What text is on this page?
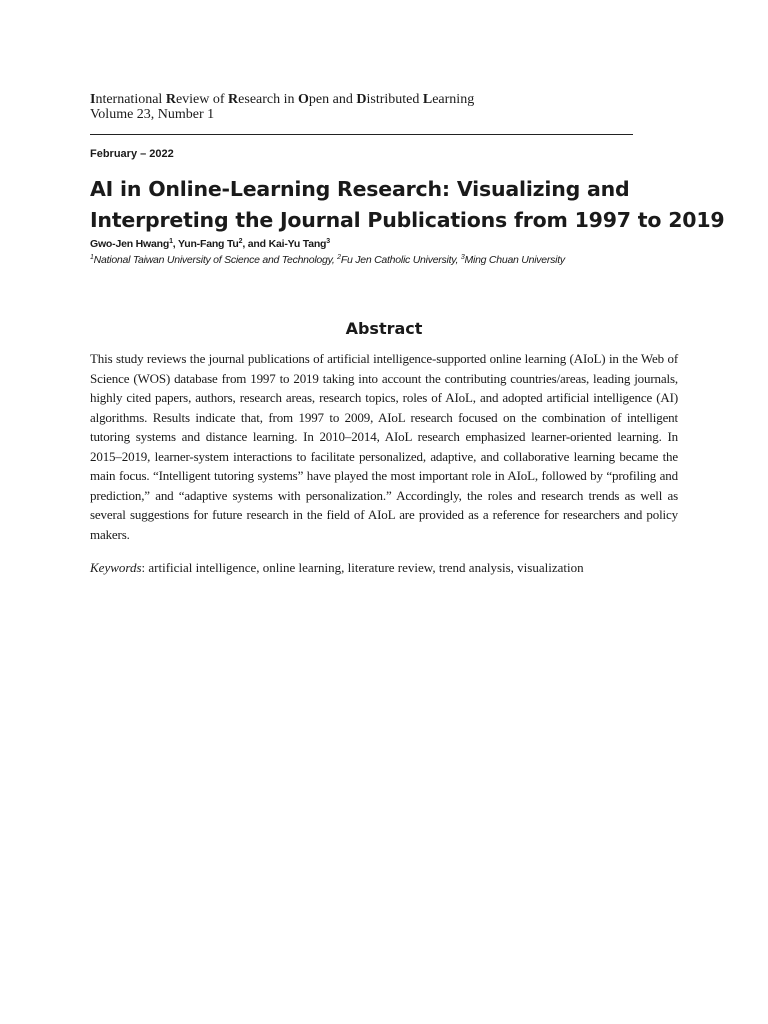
International Review of Research in Open and Distributed Learning
Volume 23, Number 1
February – 2022
AI in Online-Learning Research: Visualizing and
Interpreting the Journal Publications from 1997 to 2019
Gwo-Jen Hwang$^1$, Yun-Fang Tu$^2$, and Kai-Yu Tang$^3$
$^1$National Taiwan University of Science and Technology, $^2$Fu Jen Catholic University, $^3$Ming Chuan University
Abstract
This study reviews the journal publications of artificial intelligence-supported online learning (AIoL) in the Web of Science (WOS) database from 1997 to 2019 taking into account the contributing countries/areas, leading journals, highly cited papers, authors, research areas, research topics, roles of AIoL, and adopted artificial intelligence (AI) algorithms. Results indicate that, from 1997 to 2009, AIoL research focused on the combination of intelligent tutoring systems and distance learning. In 2010–2014, AIoL research emphasized learner-oriented learning. In 2015–2019, learner-system interactions to facilitate personalized, adaptive, and collaborative learning became the main focus. “Intelligent tutoring systems” have played the most important role in AIoL, followed by “profiling and prediction,” and “adaptive systems with personalization.” Accordingly, the roles and research trends as well as several suggestions for future research in the field of AIoL are provided as a reference for researchers and policy makers.
Keywords: artificial intelligence, online learning, literature review, trend analysis, visualization
